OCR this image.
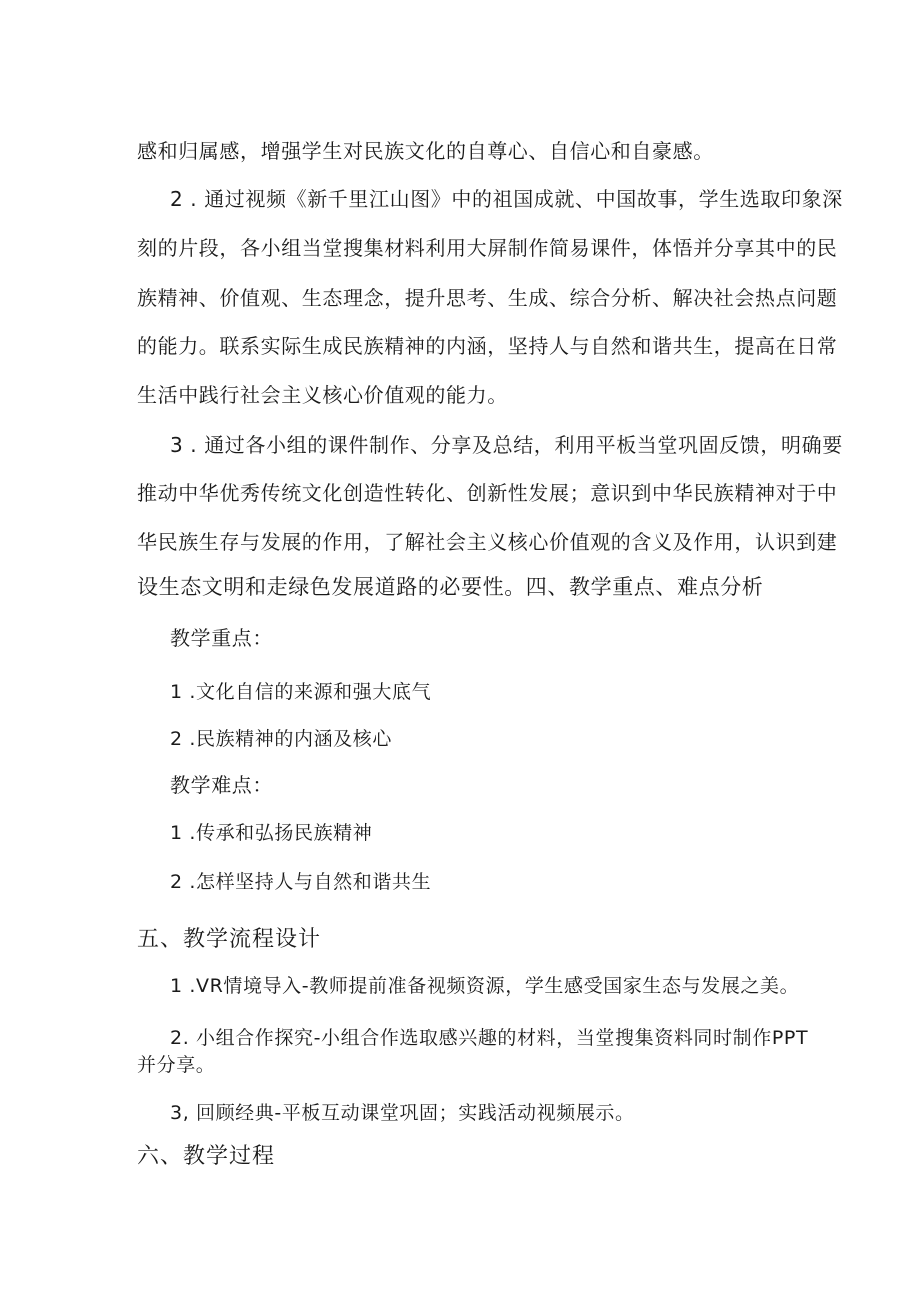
感和归属感，增强学生对民族文化的自尊心、自信心和自豪感。
2 . 通过视频《新千里江山图》中的祖国成就、中国故事，学生选取印象深
刻的片段，各小组当堂搜集材料利用大屏制作简易课件，体悟并分享其中的民
族精神、价值观、生态理念，提升思考、生成、综合分析、解决社会热点问题
的能力。联系实际生成民族精神的内涵，坚持人与自然和谐共生，提高在日常
生活中践行社会主义核心价值观的能力。
3 . 通过各小组的课件制作、分享及总结，利用平板当堂巩固反馈，明确要
推动中华优秀传统文化创造性转化、创新性发展；意识到中华民族精神对于中
华民族生存与发展的作用，了解社会主义核心价值观的含义及作用，认识到建
设生态文明和走绿色发展道路的必要性。四、教学重点、难点分析
教学重点：
1 .文化自信的来源和强大底气
2 .民族精神的内涵及核心
教学难点：
1 .传承和弘扬民族精神
2 .怎样坚持人与自然和谐共生
五、教学流程设计
1 .VR情境导入-教师提前准备视频资源，学生感受国家生态与发展之美。
2. 小组合作探究-小组合作选取感兴趣的材料，当堂搜集资料同时制作PPT
并分享。
3, 回顾经典-平板互动课堂巩固；实践活动视频展示。
六、教学过程
